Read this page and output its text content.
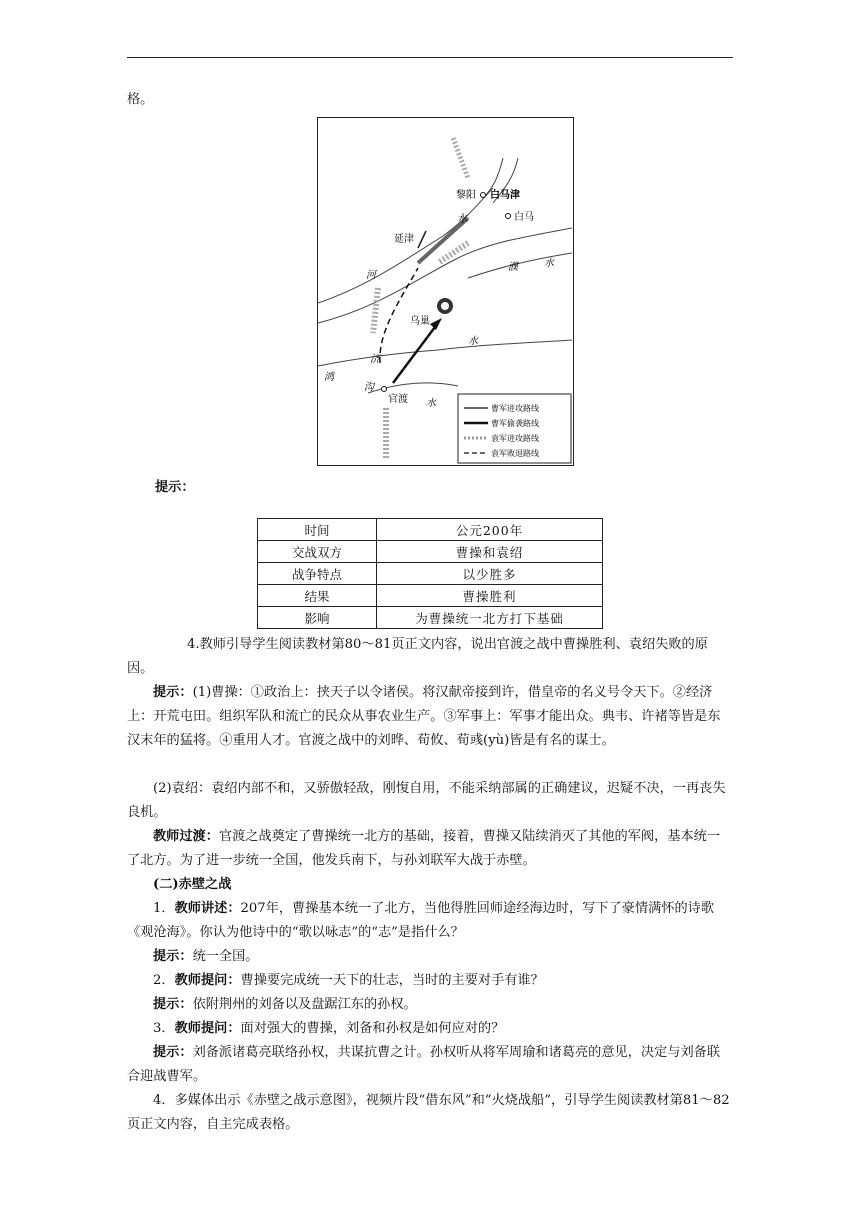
格。

曹军进攻路线
曹军偷袭路线
袁军进攻路线
袁军败退路线
黎阳 白马津
白马
水
延津
河
濮	水
乌巢
水
济
鸿
沟
官渡 水
提示：
时间	公元200年
交战双方	曹操和袁绍
战争特点	以少胜多
结果	曹操胜利
影响	为曹操统一北方打下基础

4.教师引导学生阅读教材第80～81页正文内容，说出官渡之战中曹操胜利、袁绍失败的原因。

提示：(1)曹操：①政治上：挟天子以令诸侯。将汉献帝接到许，借皇帝的名义号令天下。②经济上：开荒屯田。组织军队和流亡的民众从事农业生产。③军事上：军事才能出众。典韦、许褚等皆是东汉末年的猛将。④重用人才。官渡之战中的刘晔、荀攸、荀彧(yù)皆是有名的谋士。

(2)袁绍：袁绍内部不和，又骄傲轻敌，刚愎自用，不能采纳部属的正确建议，迟疑不决，一再丧失良机。

教师过渡：官渡之战奠定了曹操统一北方的基础，接着，曹操又陆续消灭了其他的军阀，基本统一了北方。为了进一步统一全国，他发兵南下，与孙刘联军大战于赤壁。

(二)赤壁之战

1．教师讲述：207年，曹操基本统一了北方，当他得胜回师途经海边时，写下了豪情满怀的诗歌《观沧海》。你认为他诗中的“歌以咏志”的“志”是指什么？

提示：统一全国。

2．教师提问：曹操要完成统一天下的壮志，当时的主要对手有谁？

提示：依附荆州的刘备以及盘踞江东的孙权。

3．教师提问：面对强大的曹操，刘备和孙权是如何应对的？

提示：刘备派诸葛亮联络孙权，共谋抗曹之计。孙权听从将军周瑜和诸葛亮的意见，决定与刘备联合迎战曹军。

4．多媒体出示《赤壁之战示意图》，视频片段“借东风”和“火烧战船”，引导学生阅读教材第81～82页正文内容，自主完成表格。
